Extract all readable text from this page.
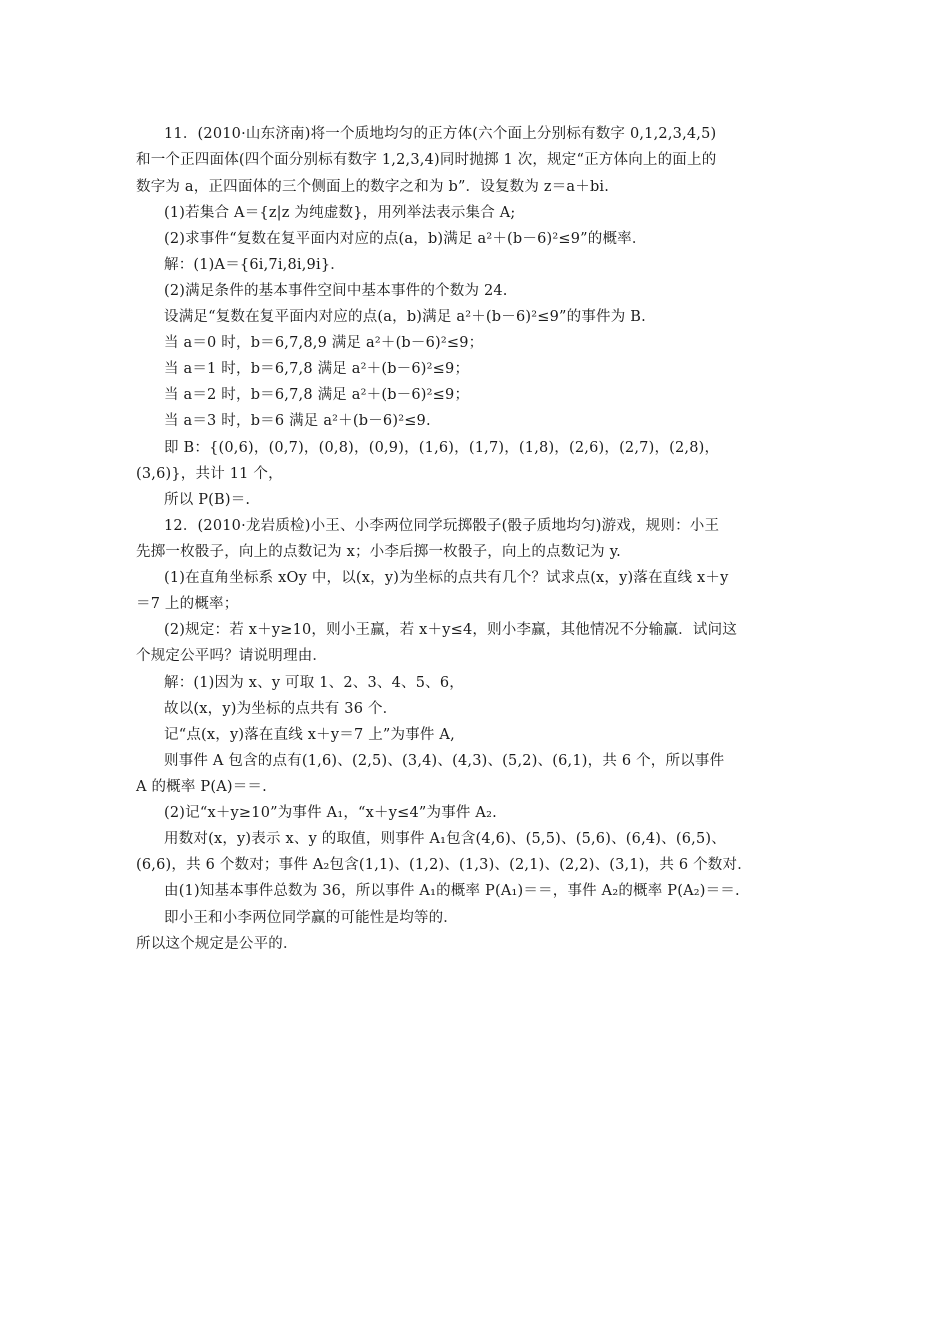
11．(2010·山东济南)将一个质地均匀的正方体(六个面上分别标有数字 0,1,2,3,4,5)
和一个正四面体(四个面分别标有数字 1,2,3,4)同时抛掷 1 次，规定“正方体向上的面上的
数字为 a，正四面体的三个侧面上的数字之和为 b”．设复数为 z＝a＋bi.
(1)若集合 A＝{z|z 为纯虚数}，用列举法表示集合 A;
(2)求事件“复数在复平面内对应的点(a，b)满足 a²＋(b－6)²≤9”的概率．
解：(1)A＝{6i,7i,8i,9i}．
(2)满足条件的基本事件空间中基本事件的个数为 24.
设满足“复数在复平面内对应的点(a，b)满足 a²＋(b－6)²≤9”的事件为 B.
当 a＝0 时，b＝6,7,8,9 满足 a²＋(b－6)²≤9；
当 a＝1 时，b＝6,7,8 满足 a²＋(b－6)²≤9；
当 a＝2 时，b＝6,7,8 满足 a²＋(b－6)²≤9；
当 a＝3 时，b＝6 满足 a²＋(b－6)²≤9.
即 B：{(0,6)，(0,7)，(0,8)，(0,9)，(1,6)，(1,7)，(1,8)，(2,6)，(2,7)，(2,8)，
(3,6)}，共计 11 个，
所以 P(B)＝.
12．(2010·龙岩质检)小王、小李两位同学玩掷骰子(骰子质地均匀)游戏，规则：小王
先掷一枚骰子，向上的点数记为 x；小李后掷一枚骰子，向上的点数记为 y.
(1)在直角坐标系 xOy 中，以(x，y)为坐标的点共有几个？试求点(x，y)落在直线 x＋y
＝7 上的概率；
(2)规定：若 x＋y≥10，则小王赢，若 x＋y≤4，则小李赢，其他情况不分输赢．试问这
个规定公平吗？请说明理由．
解：(1)因为 x、y 可取 1、2、3、4、5、6，
故以(x，y)为坐标的点共有 36 个．
记“点(x，y)落在直线 x＋y＝7 上”为事件 A,
则事件 A 包含的点有(1,6)、(2,5)、(3,4)、(4,3)、(5,2)、(6,1)，共 6 个，所以事件
A 的概率 P(A)＝＝.
(2)记“x＋y≥10”为事件 A₁，“x＋y≤4”为事件 A₂.
用数对(x，y)表示 x、y 的取值，则事件 A₁包含(4,6)、(5,5)、(5,6)、(6,4)、(6,5)、
(6,6)，共 6 个数对；事件 A₂包含(1,1)、(1,2)、(1,3)、(2,1)、(2,2)、(3,1)，共 6 个数对．
由(1)知基本事件总数为 36，所以事件 A₁的概率 P(A₁)＝＝，事件 A₂的概率 P(A₂)＝＝.
即小王和小李两位同学赢的可能性是均等的．
所以这个规定是公平的．
